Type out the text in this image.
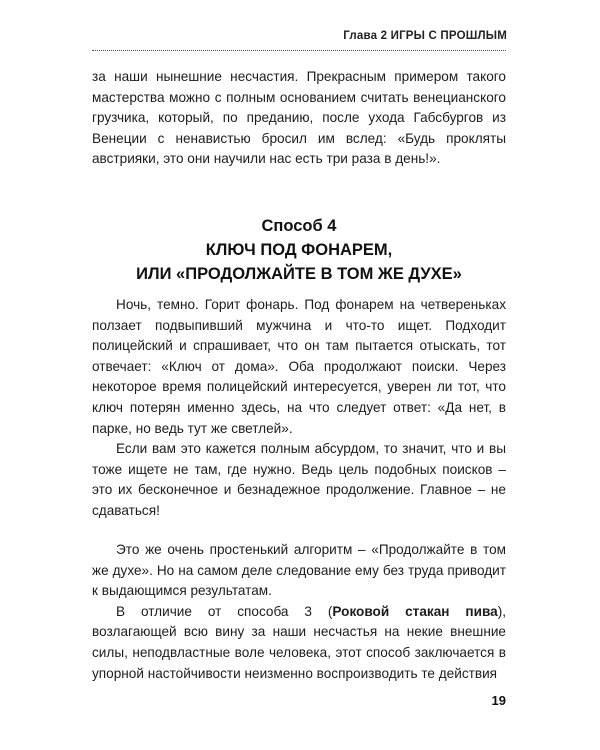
Глава 2 ИГРЫ С ПРОШЛЫМ

за наши нынешние несчастия. Прекрасным примером такого мастерства можно с полным основанием считать венецианского грузчика, который, по преданию, после ухода Габсбургов из Венеции с ненавистью бросил им вслед: «Будь прокляты австрияки, это они научили нас есть три раза в день!».

Способ 4
КЛЮЧ ПОД ФОНАРЕМ,
ИЛИ «ПРОДОЛЖАЙТЕ В ТОМ ЖЕ ДУХЕ»

Ночь, темно. Горит фонарь. Под фонарем на четвереньках ползает подвыпивший мужчина и что-то ищет. Подходит полицейский и спрашивает, что он там пытается отыскать, тот отвечает: «Ключ от дома». Оба продолжают поиски. Через некоторое время полицейский интересуется, уверен ли тот, что ключ потерян именно здесь, на что следует ответ: «Да нет, в парке, но ведь тут же светлей».

Если вам это кажется полным абсурдом, то значит, что и вы тоже ищете не там, где нужно. Ведь цель подобных поисков – это их бесконечное и безнадежное продолжение. Главное – не сдаваться!

Это же очень простенький алгоритм – «Продолжайте в том же духе». Но на самом деле следование ему без труда приводит к выдающимся результатам.

В отличие от способа 3 (Роковой стакан пива), возлагающей всю вину за наши несчастья на некие внешние силы, неподвластные воле человека, этот способ заключается в упорной настойчивости неизменно воспроизводить те действия

19
